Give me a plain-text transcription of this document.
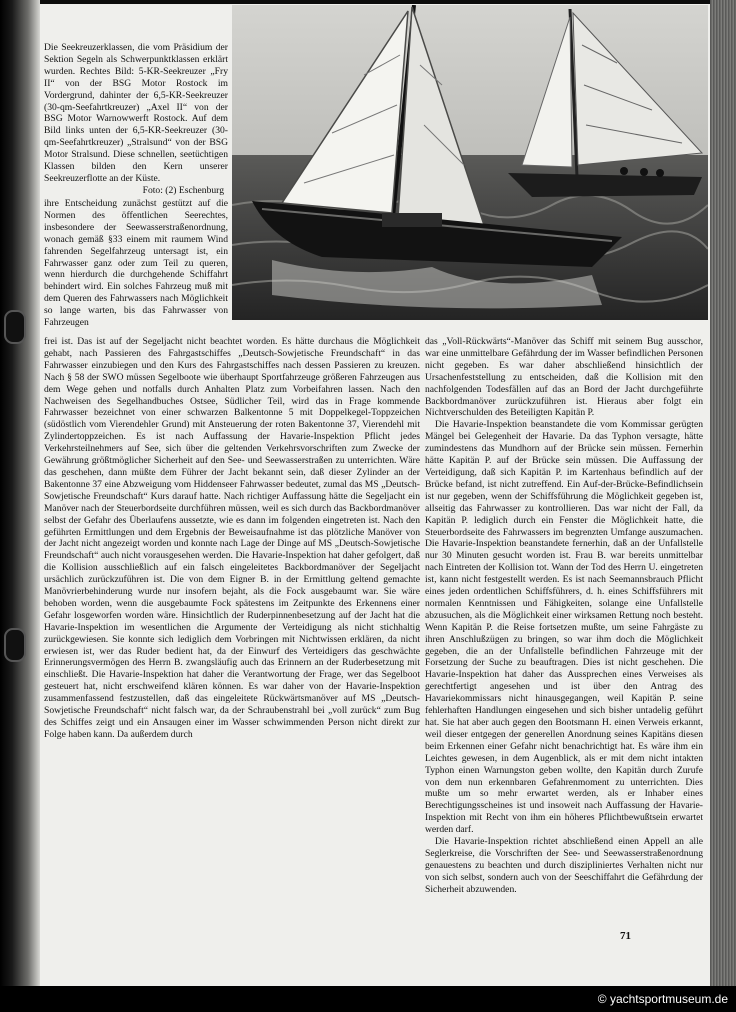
Die Seekreuzerklassen, die vom Präsidium der Sektion Segeln als Schwerpunktklassen erklärt wurden. Rechtes Bild: 5-KR-Seekreuzer „Fry II“ von der BSG Motor Rostock im Vordergrund, dahinter der 6,5-KR-Seekreuzer (30-qm-Seefahrtkreuzer) „Axel II“ von der BSG Motor Warnowwerft Rostock. Auf dem Bild links unten der 6,5-KR-Seekreuzer (30-qm-Seefahrtkreuzer) „Stralsund“ von der BSG Motor Stralsund. Diese schnellen, seetüchtigen Klassen bilden den Kern unserer Seekreuzerflotte an der Küste.

Foto: (2) Eschenburg

ihre Entscheidung zunächst gestützt auf die Normen des öffentlichen Seerechtes, insbesondere der Seewasserstraßenordnung, wonach gemäß §33 einem mit raumem Wind fahrenden Segelfahrzeug untersagt ist, ein Fahrwasser ganz oder zum Teil zu queren, wenn hierdurch die durchgehende Schiffahrt behindert wird. Ein solches Fahrzeug muß mit dem Queren des Fahrwassers nach Möglichkeit so lange warten, bis das Fahrwasser von Fahrzeugen

frei ist. Das ist auf der Segeljacht nicht beachtet worden. Es hätte durchaus die Möglichkeit gehabt, nach Passieren des Fahrgastschiffes „Deutsch-Sowjetische Freundschaft“ in das Fahrwasser einzubiegen und den Kurs des Fahrgastschiffes nach dessen Passieren zu kreuzen. Nach § 58 der SWO müssen Segelboote wie überhaupt Sportfahrzeuge größeren Fahrzeugen aus dem Wege gehen und notfalls durch Anhalten Platz zum Vorbeifahren lassen. Nach den Nachweisen des Segelhandbuches Ostsee, Südlicher Teil, wird das in Frage kommende Fahrwasser bezeichnet von einer schwarzen Balkentonne 5 mit Doppelkegel-Toppzeichen (südöstlich vom Vierendehler Grund) mit Ansteuerung der roten Bakentonne 37, Vierendehl mit Zylindertoppzeichen. Es ist nach Auffassung der Havarie-Inspektion Pflicht jedes Verkehrsteilnehmers auf See, sich über die geltenden Verkehrsvorschriften zum Zwecke der Gewährung größtmöglicher Sicherheit auf den See- und Seewasserstraßen zu unterrichten. Wäre das geschehen, dann müßte dem Führer der Jacht bekannt sein, daß dieser Zylinder an der Bakentonne 37 eine Abzweigung vom Hiddenseer Fahrwasser bedeutet, zumal das MS „Deutsch-Sowjetische Freundschaft“ Kurs darauf hatte. Nach richtiger Auffassung hätte die Segeljacht ein Manöver nach der Steuerbordseite durchführen müssen, weil es sich durch das Backbordmanöver selbst der Gefahr des Überlaufens aussetzte, wie es dann im folgenden eingetreten ist. Nach den geführten Ermittlungen und dem Ergebnis der Beweisaufnahme ist das plötzliche Manöver von der Jacht nicht angezeigt worden und konnte nach Lage der Dinge auf MS „Deutsch-Sowjetische Freundschaft“ auch nicht vorausgesehen werden. Die Havarie-Inspektion hat daher gefolgert, daß die Kollision ausschließlich auf ein falsch eingeleitetes Backbordmanöver der Segeljacht ursächlich zurückzuführen ist. Die von dem Eigner B. in der Ermittlung geltend gemachte Manövrierbehinderung wurde nur insofern bejaht, als die Fock ausgebaumt war. Sie wäre behoben worden, wenn die ausgebaumte Fock spätestens im Zeitpunkte des Erkennens einer Gefahr losgeworfen worden wäre. Hinsichtlich der Ruderpinnenbesetzung auf der Jacht hat die Havarie-Inspektion im wesentlichen die Argumente der Verteidigung als nicht stichhaltig zurückgewiesen. Sie konnte sich lediglich dem Vorbringen mit Nichtwissen erklären, da nicht erwiesen ist, wer das Ruder bedient hat, da der Einwurf des Verteidigers das geschwächte Erinnerungsvermögen des Herrn B. zwangsläufig auch das Erinnern an der Ruderbesetzung mit einschließt. Die Havarie-Inspektion hat daher die Verantwortung der Frage, wer das Segelboot gesteuert hat, nicht erschweifend klären können. Es war daher von der Havarie-Inspektion zusammenfassend festzustellen, daß das eingeleitete Rückwärtsmanöver auf MS „Deutsch-Sowjetische Freundschaft“ nicht falsch war, da der Schraubenstrahl bei „voll zurück“ zum Bug des Schiffes zeigt und ein Ansaugen einer im Wasser schwimmenden Person nicht direkt zur Folge haben kann. Da außerdem durch

das „Voll-Rückwärts“-Manöver das Schiff mit seinem Bug ausschor, war eine unmittelbare Gefährdung der im Wasser befindlichen Personen nicht gegeben. Es war daher abschließend hinsichtlich der Ursachenfeststellung zu entscheiden, daß die Kollision mit den nachfolgenden Todesfällen auf das an Bord der Jacht durchgeführte Backbordmanöver zurückzuführen ist. Hieraus aber folgt ein Nichtverschulden des Beteiligten Kapitän P.

Die Havarie-Inspektion beanstandete die vom Kommissar gerügten Mängel bei Gelegenheit der Havarie. Da das Typhon versagte, hätte zumindestens das Mundhorn auf der Brücke sein müssen. Fernerhin hätte Kapitän P. auf der Brücke sein müssen. Die Auffassung der Verteidigung, daß sich Kapitän P. im Kartenhaus befindlich auf der Brücke befand, ist nicht zutreffend. Ein Auf-der-Brücke-Befindlichsein ist nur gegeben, wenn der Schiffsführung die Möglichkeit gegeben ist, allseitig das Fahrwasser zu kontrollieren. Das war nicht der Fall, da Kapitän P. lediglich durch ein Fenster die Möglichkeit hatte, die Steuerbordseite des Fahrwassers im begrenzten Umfange auszumachen. Die Havarie-Inspektion beanstandete fernerhin, daß an der Unfallstelle nur 30 Minuten gesucht worden ist. Frau B. war bereits unmittelbar nach Eintreten der Kollision tot. Wann der Tod des Herrn U. eingetreten ist, kann nicht festgestellt werden. Es ist nach Seemannsbrauch Pflicht eines jeden ordentlichen Schiffsführers, d. h. eines Schiffsführers mit normalen Kenntnissen und Fähigkeiten, solange eine Unfallstelle abzusuchen, als die Möglichkeit einer wirksamen Rettung noch besteht. Wenn Kapitän P. die Reise fortsetzen mußte, um seine Fahrgäste zu ihren Anschlußzügen zu bringen, so war ihm doch die Möglichkeit gegeben, die an der Unfallstelle befindlichen Fahrzeuge mit der Forsetzung der Suche zu beauftragen. Dies ist nicht geschehen. Die Havarie-Inspektion hat daher das Aussprechen eines Verweises als gerechtfertigt angesehen und ist über den Antrag des Havariekommissars nicht hinausgegangen, weil Kapitän P. seine fehlerhaften Handlungen eingesehen und sich bisher untadelig geführt hat. Sie hat aber auch gegen den Bootsmann H. einen Verweis erkannt, weil dieser entgegen der generellen Anordnung seines Kapitäns diesen beim Erkennen einer Gefahr nicht benachrichtigt hat. Es wäre ihm ein Leichtes gewesen, in dem Augenblick, als er mit dem nicht intakten Typhon einen Warnungston geben wollte, den Kapitän durch Zurufe von dem nun erkennbaren Gefahrenmoment zu unterrichten. Dies mußte um so mehr erwartet werden, als er Inhaber eines Berechtigungsscheines ist und insoweit nach Auffassung der Havarie-Inspektion mit Recht von ihm ein höheres Pflichtbewußtsein erwartet werden darf.

Die Havarie-Inspektion richtet abschließend einen Appell an alle Seglerkreise, die Vorschriften der See- und Seewasserstraßenordnung genauestens zu beachten und durch diszipliniertes Verhalten nicht nur von sich selbst, sondern auch von der Seeschiffahrt die Gefährdung der Sicherheit abzuwenden.

71
© yachtsportmuseum.de
